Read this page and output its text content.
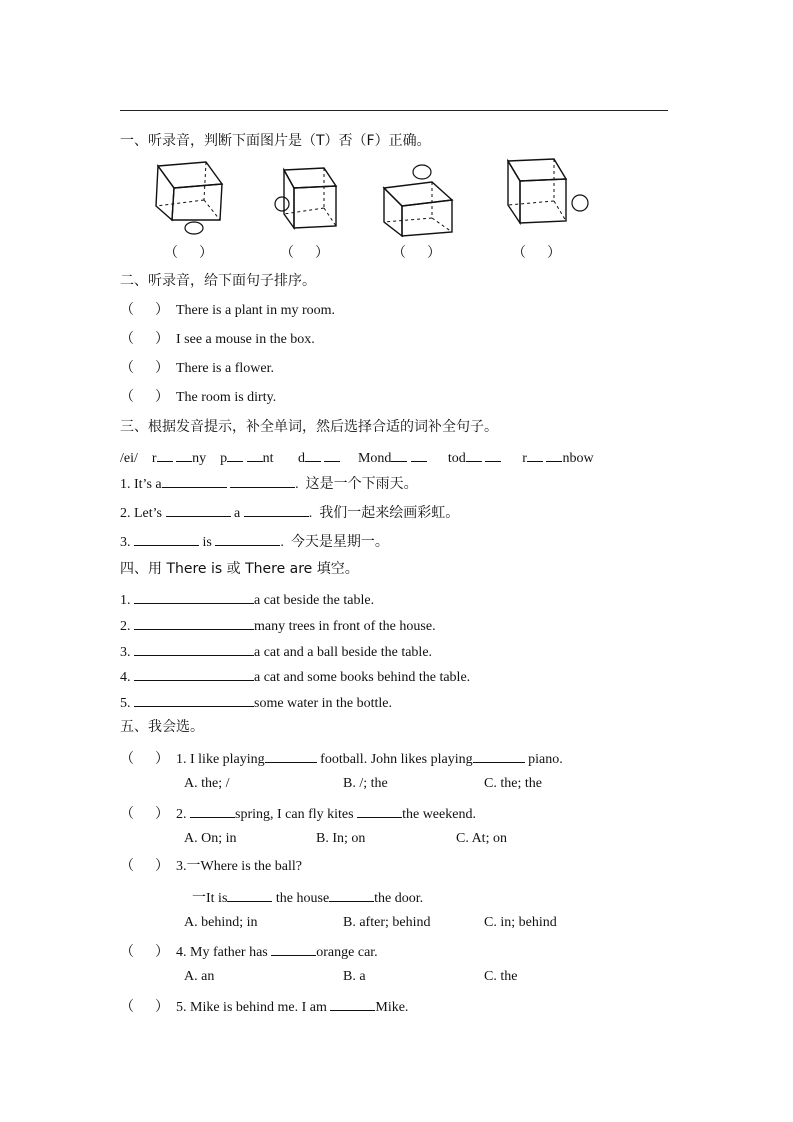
一、听录音，判断下面图片是（T）否（F）正确。
（      ）	（      ）	（      ）	（      ）
二、听录音，给下面句子排序。
（      ） There is a plant in my room.
（      ） I see a mouse in the box.
（      ） There is a flower.
（      ） The room is dirty.
三、根据发音提示，补全单词，然后选择合适的词补全句子。
/ei/ r	ny p	nt d	Mond	tod	r	nbow
1. It’s a	.  这是一个下雨天。
2. Let’s	a	.  我们一起来绘画彩虹。
3.	is	.  今天是星期一。
四、用 There is 或 There are 填空。
1.	a cat beside the table.
2.	many trees in front of the house.
3.	a cat and a ball beside the table.
4.	a cat and some books behind the table.
5.	some water in the bottle.
五、我会选。
（      ） 1. I like playing	football. John likes playing	piano.
A. the; /	B. /; the	C. the; the
（      ） 2.	spring, I can fly kites	the weekend.
A. On; in	B. In; on	C. At; on
（      ） 3.一Where is the ball?
一It is	the house	the door.
A. behind; in	B. after; behind	C. in; behind
（      ） 4. My father has	orange car.
A. an	B. a	C. the
（      ） 5. Mike is behind me. I am	Mike.
